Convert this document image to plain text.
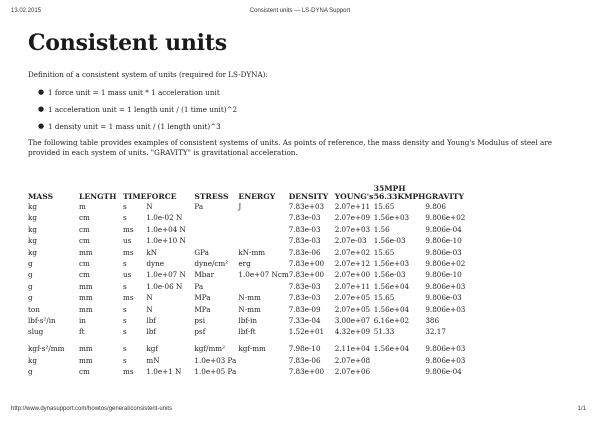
13.02.2015	Consistent units — LS-DYNA Support
Consistent units

Definition of a consistent system of units (required for LS-DYNA):

● 1 force unit = 1 mass unit * 1 acceleration unit
● 1 acceleration unit = 1 length unit / (1 time unit)^2
● 1 density unit = 1 mass unit / (1 length unit)^3

The following table provides examples of consistent systems of units. As points of reference, the mass density and Young's Modulus of steel are provided in each system of units. "GRAVITY" is gravitational acceleration.

MASS	LENGTH	TIME	FORCE	STRESS	ENERGY	DENSITY	YOUNG's	35MPH 56.33KMPH	GRAVITY
kg	m	s	N	Pa	J	7.83e+03	2.07e+11	15.65	9.806
kg	cm	s	1.0e-02 N			7.83e-03	2.07e+09	1.56e+03	9.806e+02
kg	cm	ms	1.0e+04 N			7.83e-03	2.07e+03	1.56	9.806e-04
kg	cm	us	1.0e+10 N			7.83e-03	2.07e-03	1.56e-03	9.806e-10
kg	mm	ms	kN	GPa	kN-mm	7.83e-06	2.07e+02	15.65	9.806e-03
g	cm	s	dyne	dyne/cm²	erg	7.83e+00	2.07e+12	1.56e+03	9.806e+02
g	cm	us	1.0e+07 N	Mbar	1.0e+07 Ncm	7.83e+00	2.07e+00	1.56e-03	9.806e-10
g	mm	s	1.0e-06 N	Pa		7.83e-03	2.07e+11	1.56e+04	9.806e+03
g	mm	ms	N	MPa	N-mm	7.83e-03	2.07e+05	15.65	9.806e-03
ton	mm	s	N	MPa	N-mm	7.83e-09	2.07e+05	1.56e+04	9.806e+03
lbf-s²/in	in	s	lbf	psi	lbf-in	7.33e-04	3.00e+07	6.16e+02	386
slug	ft	s	lbf	psf	lbf-ft	1.52e+01	4.32e+09	51.33	32.17
kgf-s²/mm	mm	s	kgf	kgf/mm²	kgf-mm	7.98e-10	2.11e+04	1.56e+04	9.806e+03
kg	mm	s	mN	1.0e+03 Pa		7.83e-06	2.07e+08		9.806e+03
g	cm	ms	1.0e+1 N	1.0e+05 Pa		7.83e+00	2.07e+06		9.806e-04
http://www.dynasupport.com/howtos/general/consistent-units	1/1
